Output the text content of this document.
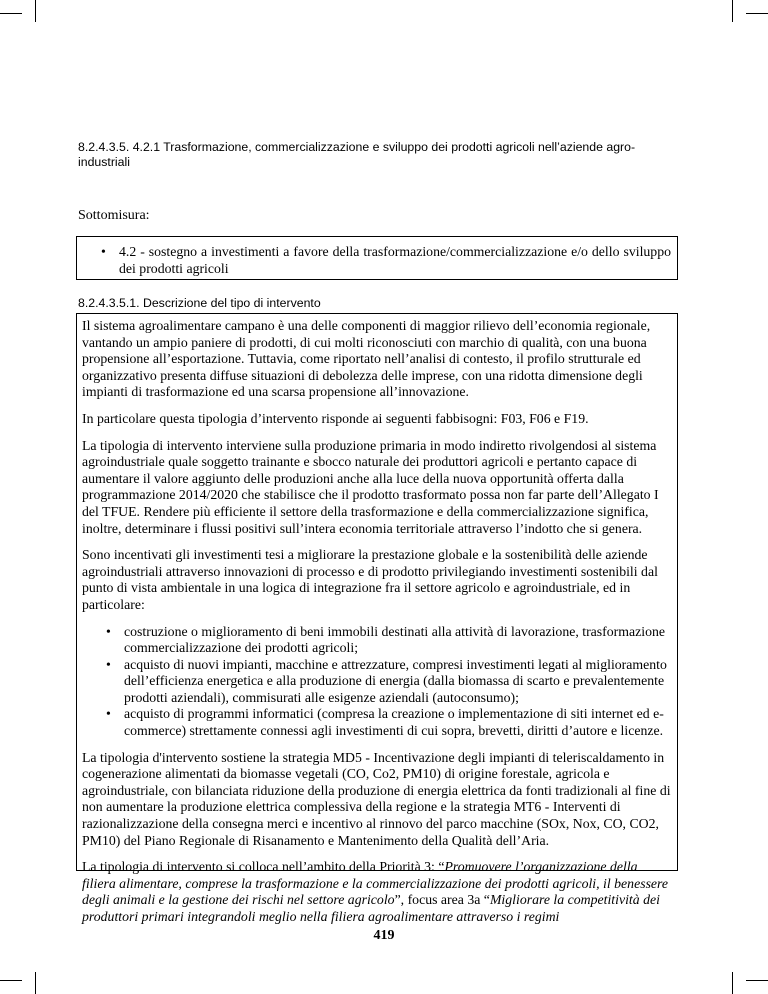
8.2.4.3.5. 4.2.1 Trasformazione, commercializzazione e sviluppo dei prodotti agricoli nell’aziende agro-industriali
Sottomisura:
• 4.2 - sostegno a investimenti a favore della trasformazione/commercializzazione e/o dello sviluppo dei prodotti agricoli
8.2.4.3.5.1. Descrizione del tipo di intervento

Il sistema agroalimentare campano è una delle componenti di maggior rilievo dell’economia regionale, vantando un ampio paniere di prodotti, di cui molti riconosciuti con marchio di qualità, con una buona propensione all’esportazione. Tuttavia, come riportato nell’analisi di contesto, il profilo strutturale ed organizzativo presenta diffuse situazioni di debolezza delle imprese, con una ridotta dimensione degli impianti di trasformazione ed una scarsa propensione all’innovazione.

In particolare questa tipologia d’intervento risponde ai seguenti fabbisogni: F03, F06 e F19.

La tipologia di intervento interviene sulla produzione primaria in modo indiretto rivolgendosi al sistema agroindustriale quale soggetto trainante e sbocco naturale dei produttori agricoli e pertanto capace di aumentare il valore aggiunto delle produzioni anche alla luce della nuova opportunità offerta dalla programmazione 2014/2020 che stabilisce che il prodotto trasformato possa non far parte dell’Allegato I del TFUE. Rendere più efficiente il settore della trasformazione e della commercializzazione significa, inoltre, determinare i flussi positivi sull’intera economia territoriale attraverso l’indotto che si genera.

Sono incentivati gli investimenti tesi a migliorare la prestazione globale e la sostenibilità delle aziende agroindustriali attraverso innovazioni di processo e di prodotto privilegiando investimenti sostenibili dal punto di vista ambientale in una logica di integrazione fra il settore agricolo e agroindustriale, ed in particolare:

• costruzione o miglioramento di beni immobili destinati alla attività di lavorazione, trasformazione commercializzazione dei prodotti agricoli;
• acquisto di nuovi impianti, macchine e attrezzature, compresi investimenti legati al miglioramento dell’efficienza energetica e alla produzione di energia (dalla biomassa di scarto e prevalentemente prodotti aziendali), commisurati alle esigenze aziendali (autoconsumo);
• acquisto di programmi informatici (compresa la creazione o implementazione di siti internet ed e-commerce) strettamente connessi agli investimenti di cui sopra, brevetti, diritti d’autore e licenze.

La tipologia d'intervento sostiene la strategia MD5 - Incentivazione degli impianti di teleriscaldamento in cogenerazione alimentati da biomasse vegetali (CO, Co2, PM10) di origine forestale, agricola e agroindustriale, con bilanciata riduzione della produzione di energia elettrica da fonti tradizionali al fine di non aumentare la produzione elettrica complessiva della regione e la strategia MT6 - Interventi di razionalizzazione della consegna merci e incentivo al rinnovo del parco macchine (SOx, Nox, CO, CO2, PM10) del Piano Regionale di Risanamento e Mantenimento della Qualità dell’Aria.

La tipologia di intervento si colloca nell’ambito della Priorità 3: “Promuovere l’organizzazione della filiera alimentare, comprese la trasformazione e la commercializzazione dei prodotti agricoli, il benessere degli animali e la gestione dei rischi nel settore agricolo”, focus area 3a “Migliorare la competitività dei produttori primari integrandoli meglio nella filiera agroalimentare attraverso i regimi

419
